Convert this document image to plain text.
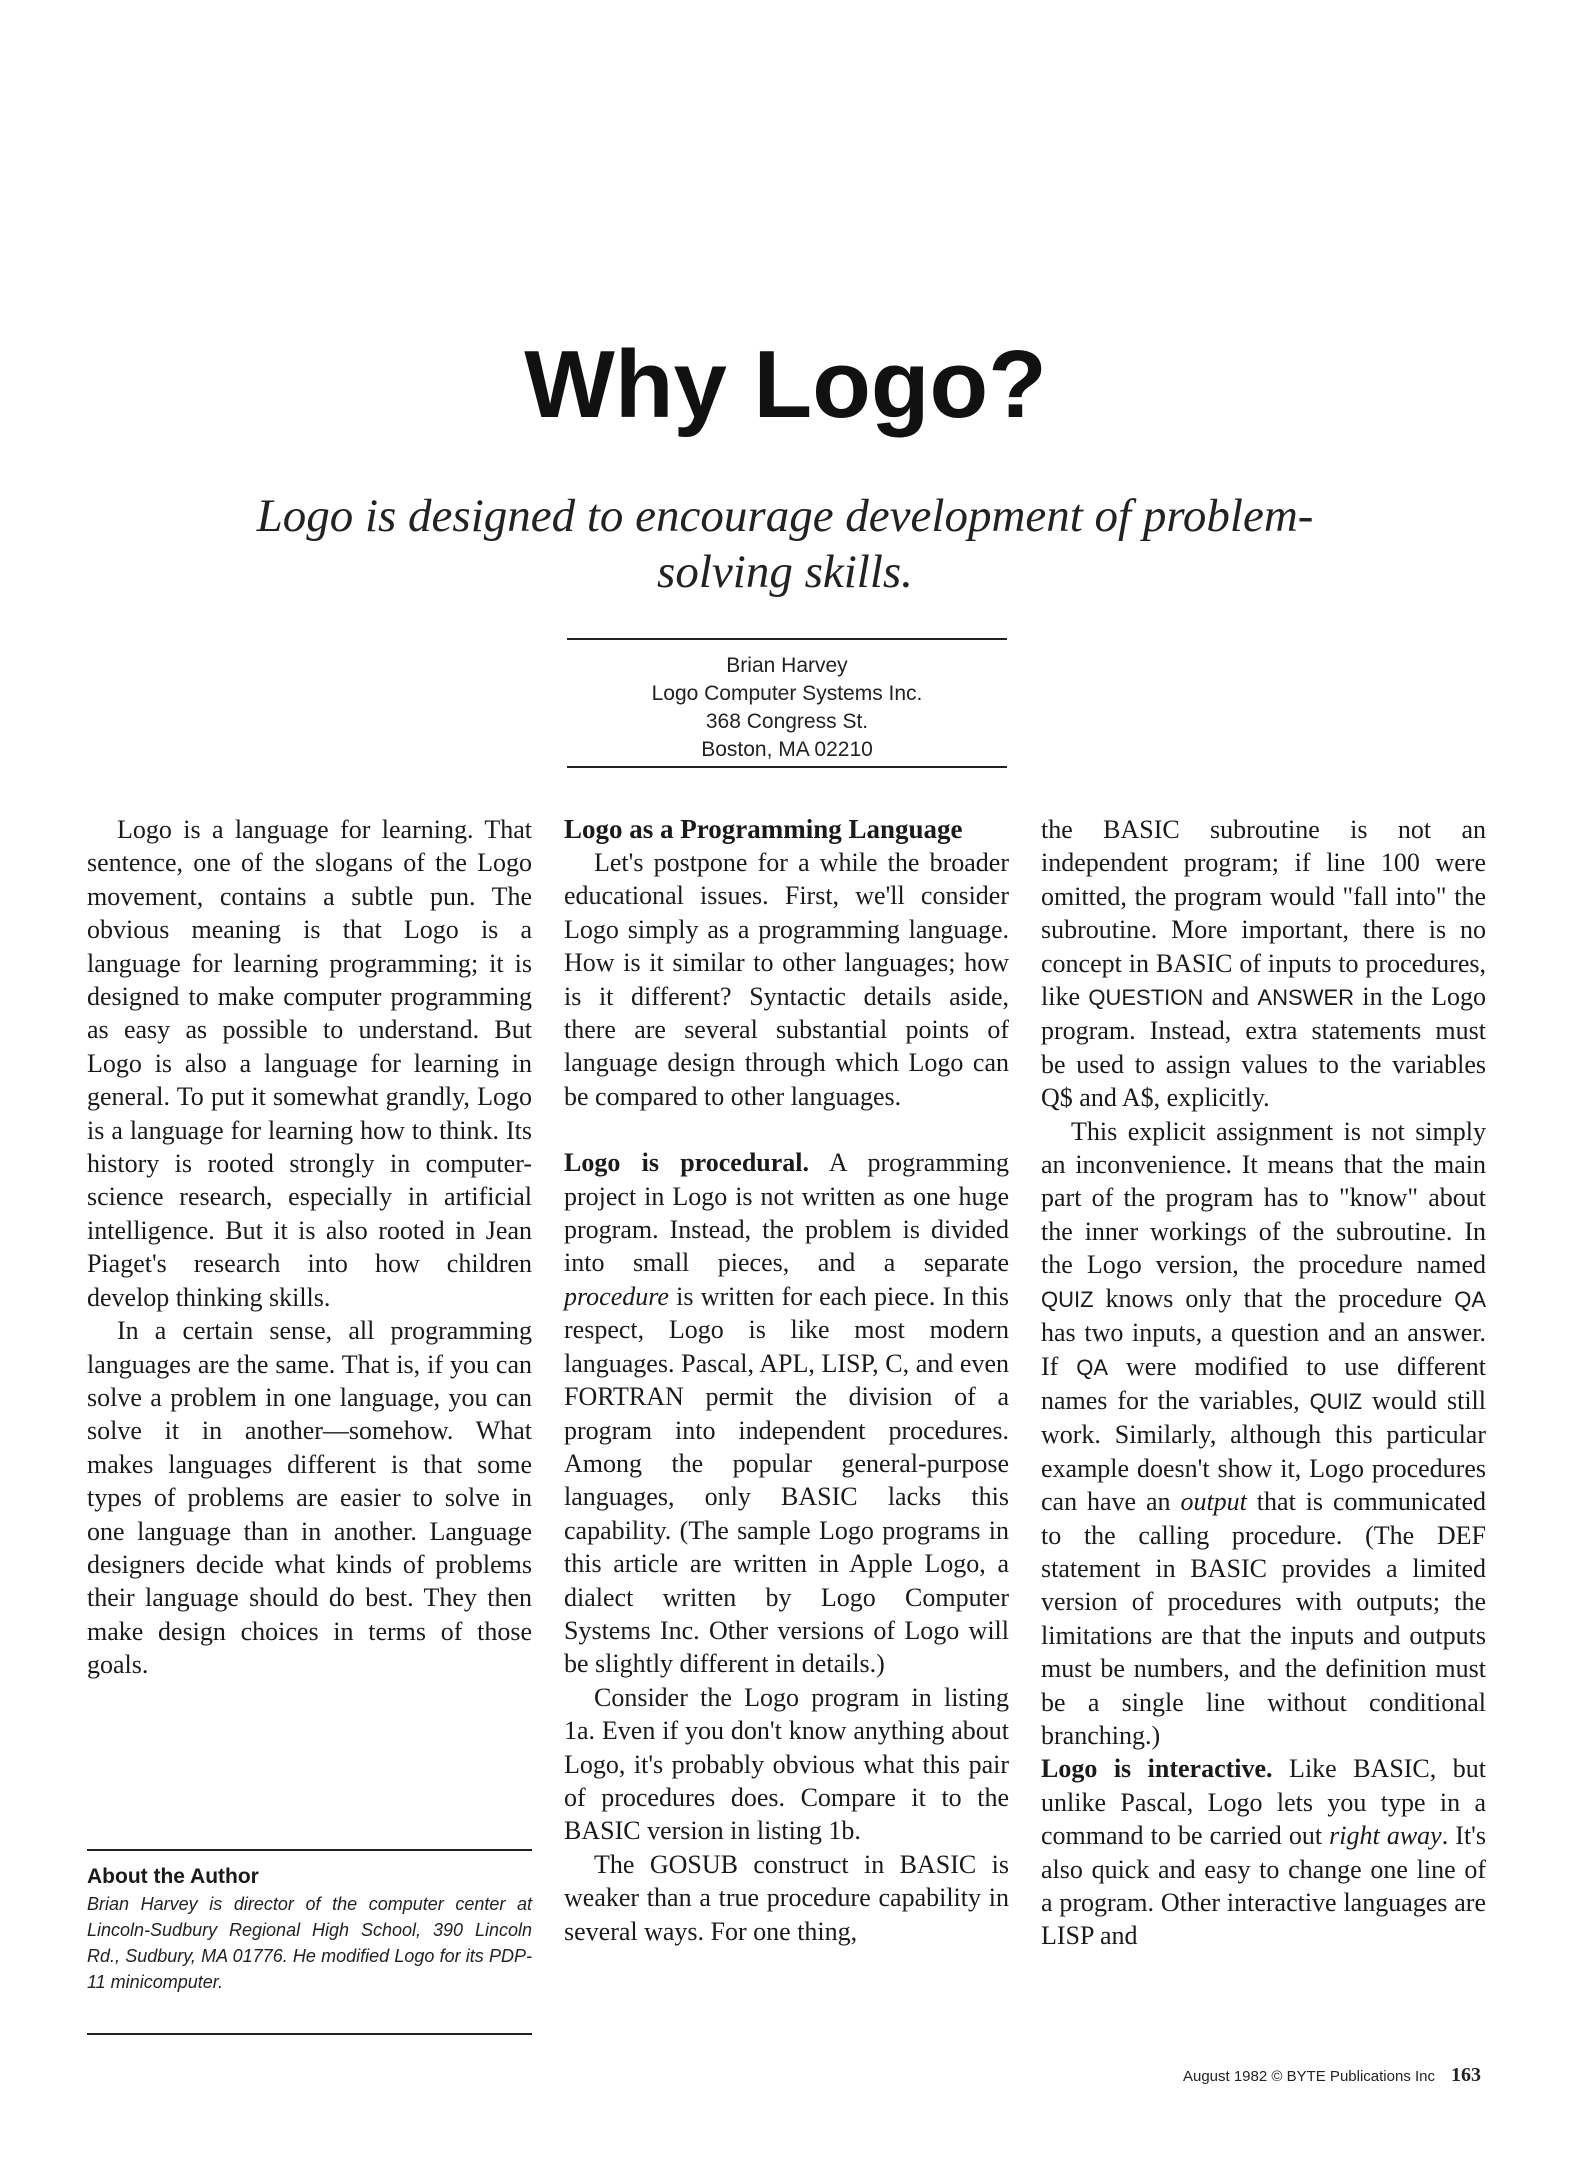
Why Logo?
Logo is designed to encourage development of problem-solving skills.
Brian Harvey
Logo Computer Systems Inc.
368 Congress St.
Boston, MA 02210

Logo is a language for learning. That sentence, one of the slogans of the Logo movement, contains a subtle pun. The obvious meaning is that Logo is a language for learning programming; it is designed to make computer programming as easy as possible to understand. But Logo is also a language for learning in general. To put it somewhat grandly, Logo is a language for learning how to think. Its history is rooted strongly in computer-science research, especially in artificial intelligence. But it is also rooted in Jean Piaget's research into how children develop thinking skills.

In a certain sense, all programming languages are the same. That is, if you can solve a problem in one language, you can solve it in another—somehow. What makes languages different is that some types of problems are easier to solve in one language than in another. Language designers decide what kinds of problems their language should do best. They then make design choices in terms of those goals.

About the Author
Brian Harvey is director of the computer center at Lincoln-Sudbury Regional High School, 390 Lincoln Rd., Sudbury, MA 01776. He modified Logo for its PDP-11 minicomputer.
Logo as a Programming Language

Let's postpone for a while the broader educational issues. First, we'll consider Logo simply as a programming language. How is it similar to other languages; how is it different? Syntactic details aside, there are several substantial points of language design through which Logo can be compared to other languages.

Logo is procedural. A programming project in Logo is not written as one huge program. Instead, the problem is divided into small pieces, and a separate procedure is written for each piece. In this respect, Logo is like most modern languages. Pascal, APL, LISP, C, and even FORTRAN permit the division of a program into independent procedures. Among the popular general-purpose languages, only BASIC lacks this capability. (The sample Logo programs in this article are written in Apple Logo, a dialect written by Logo Computer Systems Inc. Other versions of Logo will be slightly different in details.)

Consider the Logo program in listing 1a. Even if you don't know anything about Logo, it's probably obvious what this pair of procedures does. Compare it to the BASIC version in listing 1b.

The GOSUB construct in BASIC is weaker than a true procedure capability in several ways. For one thing,

the BASIC subroutine is not an independent program; if line 100 were omitted, the program would "fall into" the subroutine. More important, there is no concept in BASIC of inputs to procedures, like QUESTION and ANSWER in the Logo program. Instead, extra statements must be used to assign values to the variables Q$ and A$, explicitly.

This explicit assignment is not simply an inconvenience. It means that the main part of the program has to "know" about the inner workings of the subroutine. In the Logo version, the procedure named QUIZ knows only that the procedure QA has two inputs, a question and an answer. If QA were modified to use different names for the variables, QUIZ would still work. Similarly, although this particular example doesn't show it, Logo procedures can have an output that is communicated to the calling procedure. (The DEF statement in BASIC provides a limited version of procedures with outputs; the limitations are that the inputs and outputs must be numbers, and the definition must be a single line without conditional branching.)

Logo is interactive. Like BASIC, but unlike Pascal, Logo lets you type in a command to be carried out right away. It's also quick and easy to change one line of a program. Other interactive languages are LISP and

August 1982 © BYTE Publications Inc 163
